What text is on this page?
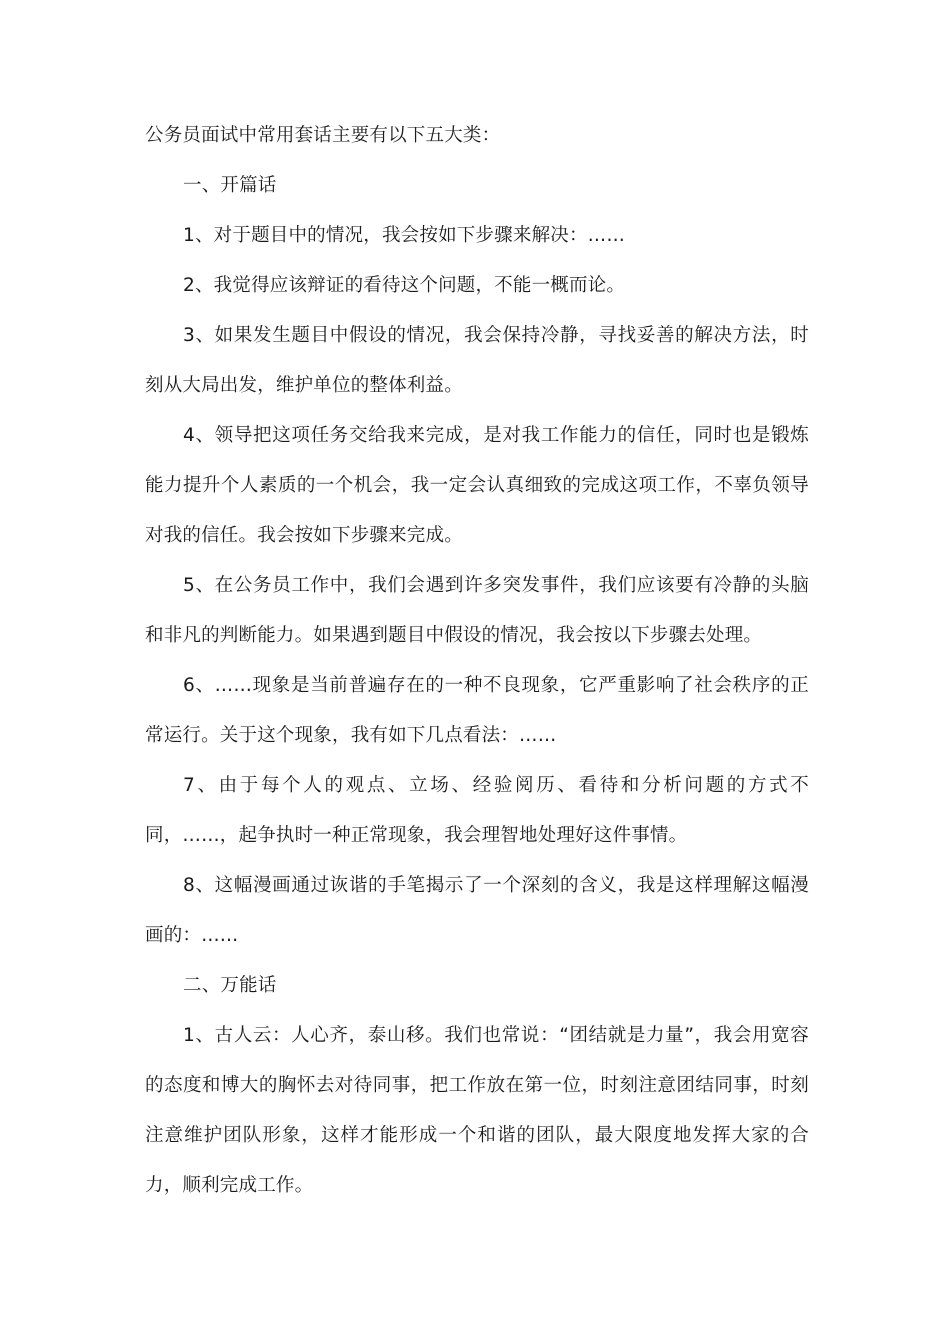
公务员面试中常用套话主要有以下五大类：

一、开篇话

1、对于题目中的情况，我会按如下步骤来解决：……

2、我觉得应该辩证的看待这个问题，不能一概而论。

3、如果发生题目中假设的情况，我会保持冷静，寻找妥善的解决方法，时刻从大局出发，维护单位的整体利益。

4、领导把这项任务交给我来完成，是对我工作能力的信任，同时也是锻炼能力提升个人素质的一个机会，我一定会认真细致的完成这项工作，不辜负领导对我的信任。我会按如下步骤来完成。

5、在公务员工作中，我们会遇到许多突发事件，我们应该要有冷静的头脑和非凡的判断能力。如果遇到题目中假设的情况，我会按以下步骤去处理。

6、……现象是当前普遍存在的一种不良现象，它严重影响了社会秩序的正常运行。关于这个现象，我有如下几点看法：……

7、由于每个人的观点、立场、经验阅历、看待和分析问题的方式不同，……，起争执时一种正常现象，我会理智地处理好这件事情。

8、这幅漫画通过诙谐的手笔揭示了一个深刻的含义，我是这样理解这幅漫画的：……

二、万能话

1、古人云：人心齐，泰山移。我们也常说：“团结就是力量”，我会用宽容的态度和博大的胸怀去对待同事，把工作放在第一位，时刻注意团结同事，时刻注意维护团队形象，这样才能形成一个和谐的团队，最大限度地发挥大家的合力，顺利完成工作。
